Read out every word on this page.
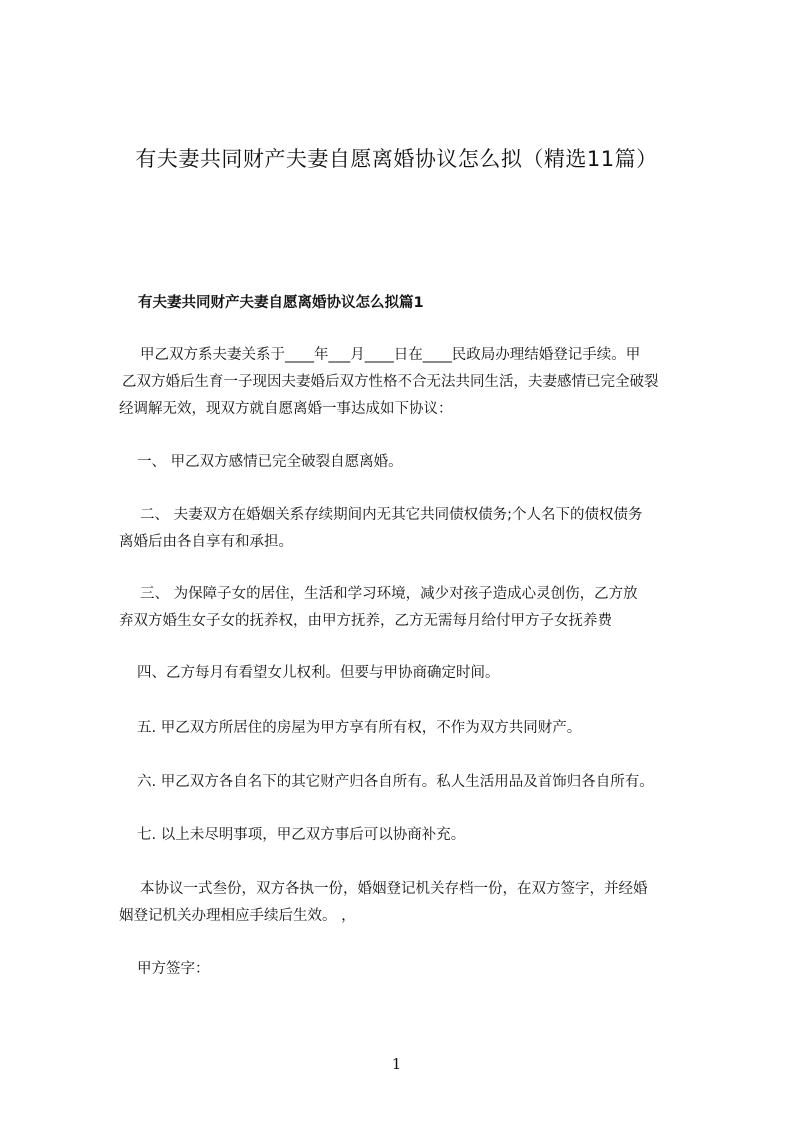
有夫妻共同财产夫妻自愿离婚协议怎么拟（精选11篇）
有夫妻共同财产夫妻自愿离婚协议怎么拟篇1

甲乙双方系夫妻关系于____年___月____日在____民政局办理结婚登记手续。甲

乙双方婚后生育一子现因夫妻婚后双方性格不合无法共同生活，夫妻感情已完全破裂

经调解无效，现双方就自愿离婚一事达成如下协议：

一、 甲乙双方感情已完全破裂自愿离婚。

二、 夫妻双方在婚姻关系存续期间内无其它共同债权债务;个人名下的债权债务

离婚后由各自享有和承担。

三、 为保障子女的居住，生活和学习环境，减少对孩子造成心灵创伤，乙方放

弃双方婚生女子女的抚养权，由甲方抚养，乙方无需每月给付甲方子女抚养费

四、乙方每月有看望女儿权利。但要与甲协商确定时间。

五. 甲乙双方所居住的房屋为甲方享有所有权，不作为双方共同财产。

六. 甲乙双方各自名下的其它财产归各自所有。私人生活用品及首饰归各自所有。

七. 以上未尽明事项，甲乙双方事后可以协商补充。

本协议一式叁份，双方各执一份，婚姻登记机关存档一份，在双方签字，并经婚

姻登记机关办理相应手续后生效。 ，

甲方签字：

1
